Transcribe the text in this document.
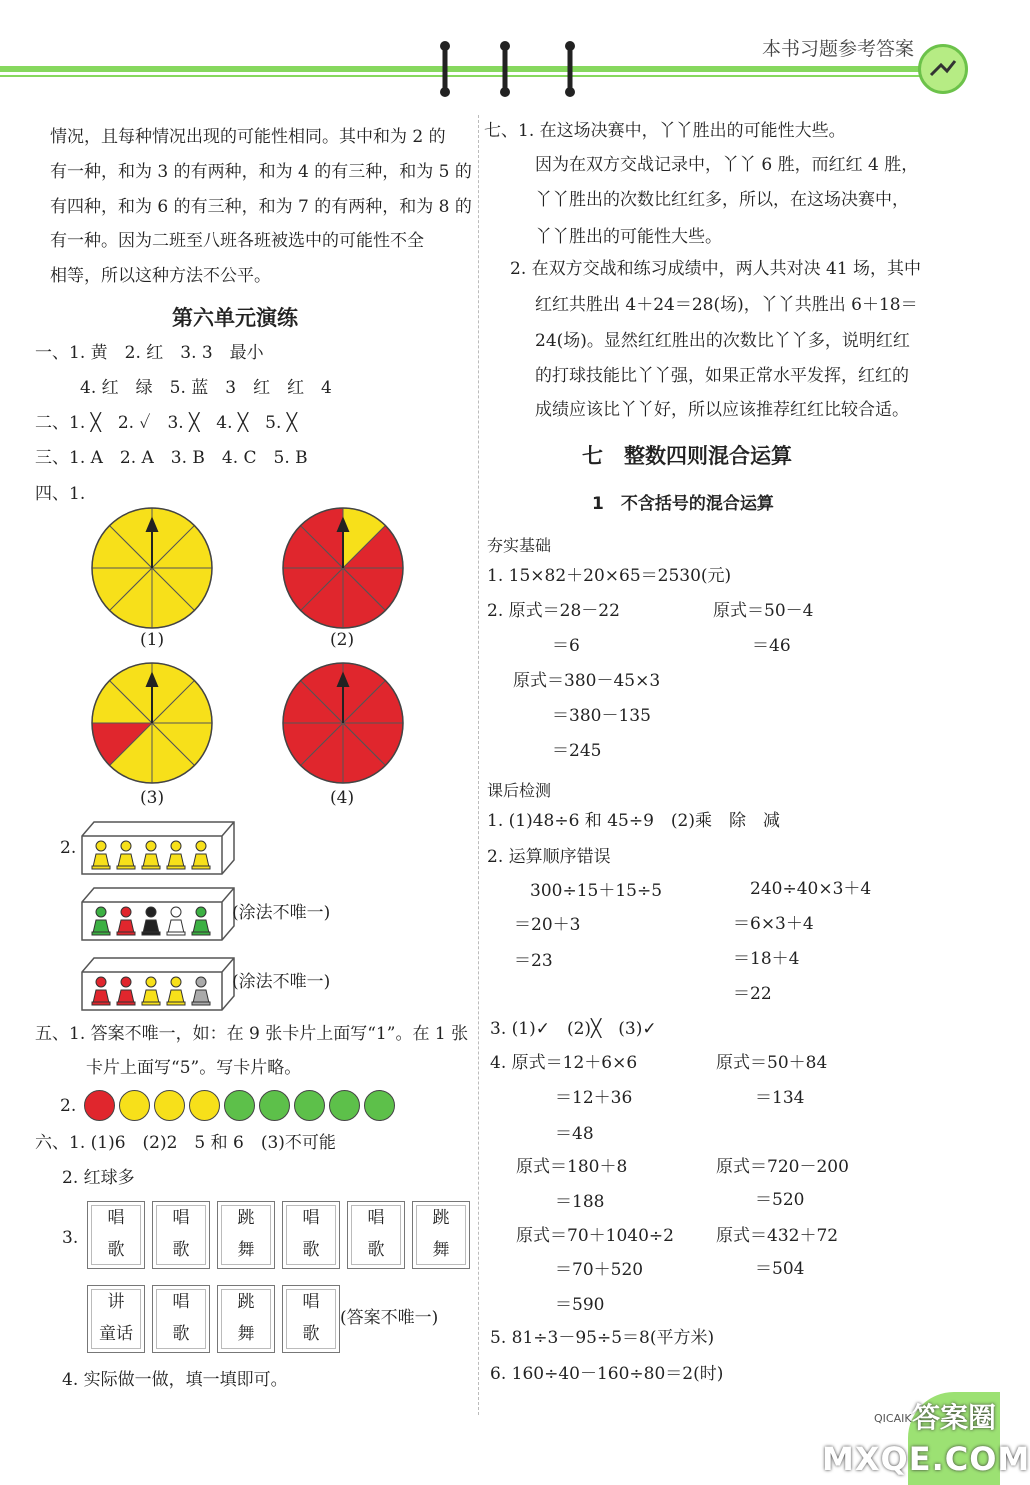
本书习题参考答案
情况，且每种情况出现的可能性相同。其中和为 2 的
有一种，和为 3 的有两种，和为 4 的有三种，和为 5 的
有四种，和为 6 的有三种，和为 7 的有两种，和为 8 的
有一种。因为二班至八班各班被选中的可能性不全
相等，所以这种方法不公平。
第六单元演练
一、1. 黄　2. 红　3. 3　最小
4. 红　绿　5. 蓝　3　红　红　4
二、1. ╳　2. ✓　3. ╳　4. ╳　5. ╳
三、1. A　2. A　3. B　4. C　5. B
四、1.
(1)	(2)
(3)	(4)
2.
(涂法不唯一)
(涂法不唯一)
五、1. 答案不唯一，如：在 9 张卡片上面写“1”。在 1 张
卡片上面写“5”。写卡片略。
2.
六、1. (1)6　(2)2　5 和 6　(3)不可能
2. 红球多
3.
唱
歌
唱
歌
跳
舞
唱
歌
唱
歌
跳
舞
讲
童话
唱
歌
跳
舞
唱
歌
(答案不唯一)
4. 实际做一做，填一填即可。
七、1. 在这场决赛中，丫丫胜出的可能性大些。
因为在双方交战记录中，丫丫 6 胜，而红红 4 胜，
丫丫胜出的次数比红红多，所以，在这场决赛中，
丫丫胜出的可能性大些。
2. 在双方交战和练习成绩中，两人共对决 41 场，其中
红红共胜出 4＋24＝28(场)，丫丫共胜出 6＋18＝
24(场)。显然红红胜出的次数比丫丫多，说明红红
的打球技能比丫丫强，如果正常水平发挥，红红的
成绩应该比丫丫好，所以应该推荐红红比较合适。
七　整数四则混合运算
1　不含括号的混合运算
夯实基础
1. 15×82＋20×65＝2530(元)
2. 原式＝28－22
＝6
原式＝50－4
＝46
原式＝380－45×3
＝380－135
＝245
课后检测
1. (1)48÷6 和 45÷9　(2)乘　除　减
2. 运算顺序错误
300÷15＋15÷5
＝20＋3
＝23
240÷40×3＋4
＝6×3＋4
＝18＋4
＝22
3. (1)✓　(2)╳　(3)✓
4. 原式＝12＋6×6
＝12＋36
＝48
原式＝50＋84
＝134
原式＝180＋8
＝188
原式＝720－200
＝520
原式＝70＋1040÷2
＝70＋520
＝590
原式＝432＋72
＝504
5. 81÷3－95÷5＝8(平方米)
6. 160÷40－160÷80＝2(时)
QICAIK 答案圈
MXQE.COM
